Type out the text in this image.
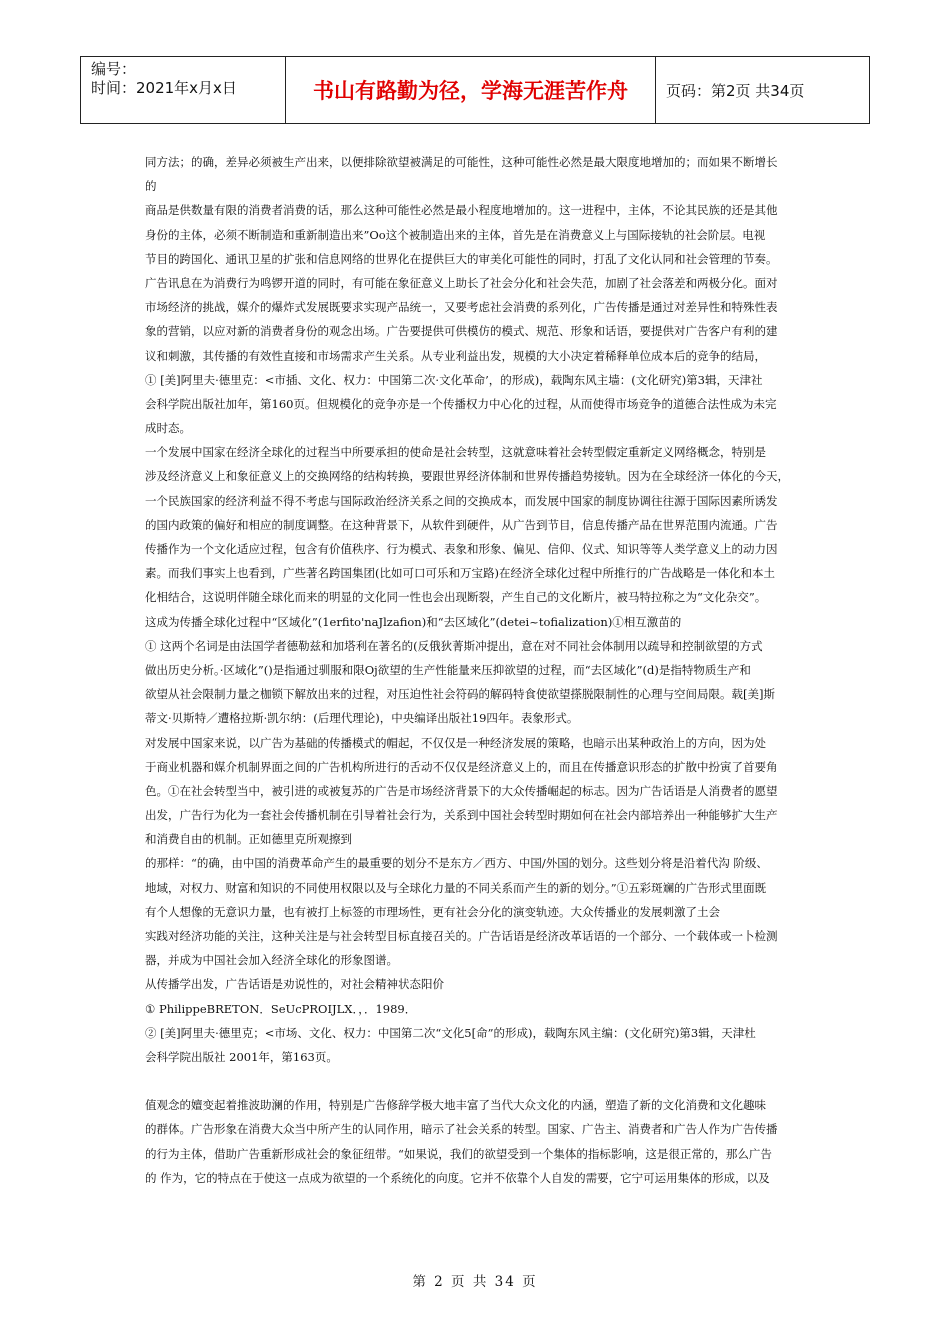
编号：
时间：2021年x月x日	书山有路勤为径，学海无涯苦作舟	页码：第2页 共34页
同方法；的确，差异必须被生产出来，以便排除欲望被满足的可能性，这种可能性必然是最大限度地增加的；而如果不断增长
的
商品是供数量有限的消费者消费的话，那么这种可能性必然是最小程度地增加的。这一进程中，主体，不论其民族的还是其他
身份的主体，必须不断制造和重新制造出来”Oo这个被制造出来的主体，首先是在消费意义上与国际接轨的社会阶层。电视
节目的跨国化、通讯卫星的扩张和信息网络的世界化在提供巨大的审美化可能性的同时，打乱了文化认同和社会管理的节奏。
广告讯息在为消费行为鸣锣开道的同时，有可能在象征意义上助长了社会分化和社会失范，加剧了社会落差和两极分化。面对
市场经济的挑战，媒介的爆炸式发展既要求实现产品统一，又要考虑社会消费的系列化，广告传播是通过对差异性和特殊性表
象的营销，以应对新的消费者身份的观念出场。广告要提供可供模仿的模式、规范、形象和话语，要提供对广告客户有利的建
议和刺激，其传播的有效性直接和市场需求产生关系。从专业利益出发，规模的大小决定着稀释单位成本后的竞争的结局，
① [美]阿里夫·德里克：<市插、文化、权力：中国第二次·文化革命’，的形成)，载陶东风主墙：(文化研究)第3辑，天津社
会科学院出版社加年，第160页。但规模化的竞争亦是一个传播权力中心化的过程，从而使得市场竞争的道德合法性成为未完
成时态。
一个发展中国家在经济全球化的过程当中所要承担的使命是社会转型，这就意味着社会转型假定重新定义网络概念，特别是
涉及经济意义上和象征意义上的交换网络的结构转换，要跟世界经济体制和世界传播趋势接轨。因为在全球经济一体化的今天，
一个民族国家的经济利益不得不考虑与国际政治经济关系之间的交换成本，而发展中国家的制度协调往往源于国际因素所诱发
的国内政策的偏好和相应的制度调整。在这种背景下，从软件到硬件，从广告到节目，信息传播产品在世界范围内流通。广告
传播作为一个文化适应过程，包含有价值秩序、行为模式、表象和形象、偏见、信仰、仪式、知识等等人类学意义上的动力因
素。而我们事实上也看到，广些著名跨国集团(比如可口可乐和万宝路)在经济全球化过程中所推行的广告战略是一体化和本土
化相结合，这说明伴随全球化而来的明显的文化同一性也会出现断裂，产生自己的文化断片，被马特拉称之为“文化杂交”。
这成为传播全球化过程中“区域化”(1erfito'naJlzafion)和“去区域化”(detei~tofialization)①相互激苗的
① 这两个名词是由法国学者德勒兹和加塔利在著名的(反俄狄菁斯冲提出，意在对不同社会体制用以疏导和控制欲望的方式
做出历史分析。·区域化”()是指通过驯服和限Oj欲望的生产性能量来压抑欲望的过程，而“去区域化”(d)是指特物质生产和
欲望从社会限制力量之枷锁下解放出来的过程，对压迫性社会符码的解码特食使欲望搽脱限制性的心理与空间局限。载[美]斯
蒂文·贝斯特／遭格拉斯·凯尔纳：(后理代理论)，中央编译出版社19四年。表象形式。
对发展中国家来说，以广告为基础的传播模式的帽起，不仅仅是一种经济发展的策略，也暗示出某种政治上的方向，因为处
于商业机器和媒介机制界面之间的广告机构所进行的舌动不仅仅是经济意义上的，而且在传播意识形态的扩散中扮寅了首要角
色。①在社会转型当中，被引进的或被复苏的广告是市场经济背景下的大众传播崛起的标志。因为广告话语是人消费者的愿望
出发，广告行为化为一套社会传播机制在引导着社会行为，关系到中国社会转型时期如何在社会内部培养出一种能够扩大生产
和消费自由的机制。正如德里克所观擦到
的那样：“的确，由中国的消费革命产生的最重要的划分不是东方／西方、中国/外国的划分。这些划分将是沿着代沟 阶级、
地域，对权力、财富和知识的不同使用权限以及与全球化力量的不同关系而产生的新的划分。”①五彩斑斓的广告形式里面既
有个人想像的无意识力量，也有被打上标签的市理场性，更有社会分化的演变轨迹。大众传播业的发展刺激了土会
实践对经济功能的关注，这种关注是与社会转型目标直接召关的。广告话语是经济改革话语的一个部分、一个载体或一卜检测
器，并成为中国社会加入经济全球化的形象图谱。
从传播学出发，广告话语是劝说性的，对社会精神状态阳价
① PhilippeBRETON．SeUcPROIJLX．，．1989．
② [美]阿里夫·德里克；<市场、文化、权力：中国第二次“文化5[命”的形成)，载陶东风主编：(文化研究)第3辑，天津杜
会科学院出版社 2001年，第163页。
值观念的嬗变起着推波助澜的作用，特别是广告修辞学极大地丰富了当代大众文化的内涵，塑造了新的文化消费和文化趣味
的群体。广告形象在消费大众当中所产生的认同作用，暗示了社会关系的转型。国家、广告主、消费者和广告人作为广告传播
的行为主体，借助广告重新形成社会的象征纽带。“如果说，我们的欲望受到一个集体的指标影响，这是很正常的，那么广告
的 作为，它的特点在于使这一点成为欲望的一个系统化的向度。它并不依靠个人自发的需要，它宁可运用集体的形成，以及
第 2 页 共 34 页
